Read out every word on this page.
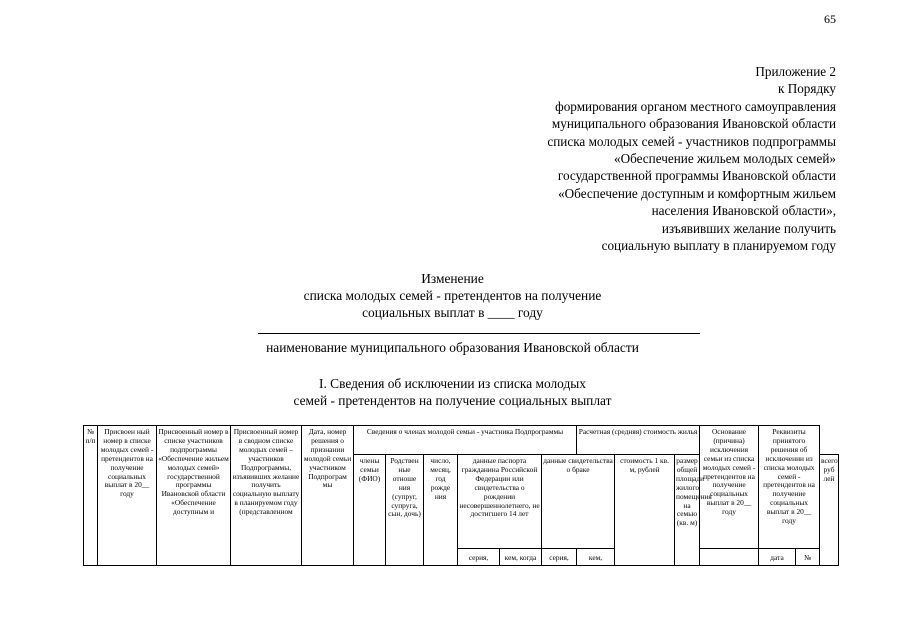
65
Приложение 2
к Порядку
формирования органом местного самоуправления
муниципального образования Ивановской области
списка молодых семей - участников подпрограммы
«Обеспечение жильем молодых семей»
государственной программы Ивановской области
«Обеспечение доступным и комфортным жильем
населения Ивановской области»,
изъявивших желание получить
социальную выплату в планируемом году
Изменение
списка молодых семей - претендентов на получение
социальных выплат в ____ году
наименование муниципального образования Ивановской области
I. Сведения об исключении из списка молодых
семей - претендентов на получение социальных выплат
№ п/п	Присвоен ный номер в списке молодых семей - претендентов на получение социальных выплат в 20__ году	Присвоенный номер в списке участников подпрограммы «Обеспечение жильем молодых семей» государственной программы Ивановской области «Обеспечение доступным и	Присвоенный номер в сводном списке молодых семей – участников Подпрограммы, изъявивших желание получить социальную выплату в планируемом году (представленном	Дата, номер решения о признании молодой семьи участником Подпрограм мы	Сведения о членах молодой семьи - участника Подпрограммы						Расчетная (средняя) стоимость жилья			Основание (причина) исключения семьи из списка молодых семей - претендентов на получение социальных выплат в 20__ году	Реквизиты принятого решения об исключении из списка молодых семей - претендентов на получение социальных выплат в 20__ году		
					члены семьи (ФИО)	Родствен ные отноше ния (супруг, супруга, сын, дочь)	число, месяц, год рожде ния	данные паспорта гражданина Российской Федерации или свидетельства о рождении несовершеннолетнего, не достигшего 14 лет		данные свидетельства о браке		стоимость 1 кв. м, рублей	размер общей площади жилого помещения на семью (кв. м)				всего, руб лей
								серия,	кем, когда	серия,	кем,				дата	№	
